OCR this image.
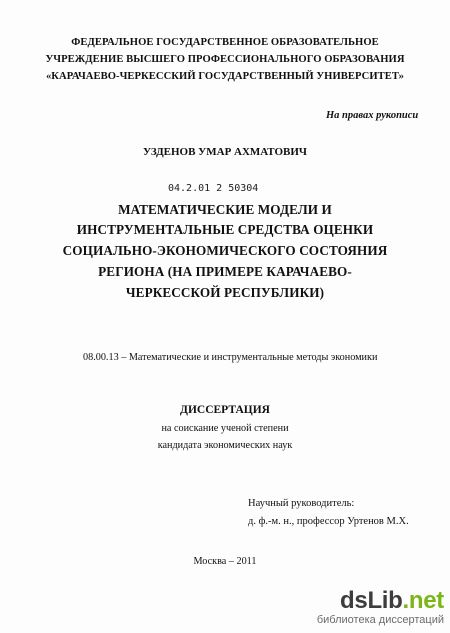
ФЕДЕРАЛЬНОЕ ГОСУДАРСТВЕННОЕ ОБРАЗОВАТЕЛЬНОЕ
УЧРЕЖДЕНИЕ ВЫСШЕГО ПРОФЕССИОНАЛЬНОГО ОБРАЗОВАНИЯ
«КАРАЧАЕВО-ЧЕРКЕССКИЙ ГОСУДАРСТВЕННЫЙ УНИВЕРСИТЕТ»
На правах рукописи
УЗДЕНОВ УМАР АХМАТОВИЧ
04.2.01 2 50304
МАТЕМАТИЧЕСКИЕ МОДЕЛИ И
ИНСТРУМЕНТАЛЬНЫЕ СРЕДСТВА ОЦЕНКИ
СОЦИАЛЬНО-ЭКОНОМИЧЕСКОГО СОСТОЯНИЯ
РЕГИОНА (НА ПРИМЕРЕ КАРАЧАЕВО-
ЧЕРКЕССКОЙ РЕСПУБЛИКИ)
08.00.13 – Математические и инструментальные методы экономики
ДИССЕРТАЦИЯ
на соискание ученой степени
кандидата экономических наук
Научный руководитель:
д. ф.-м. н., профессор Уртенов М.Х.
Москва – 2011
dsLib.net
библиотека диссертаций
